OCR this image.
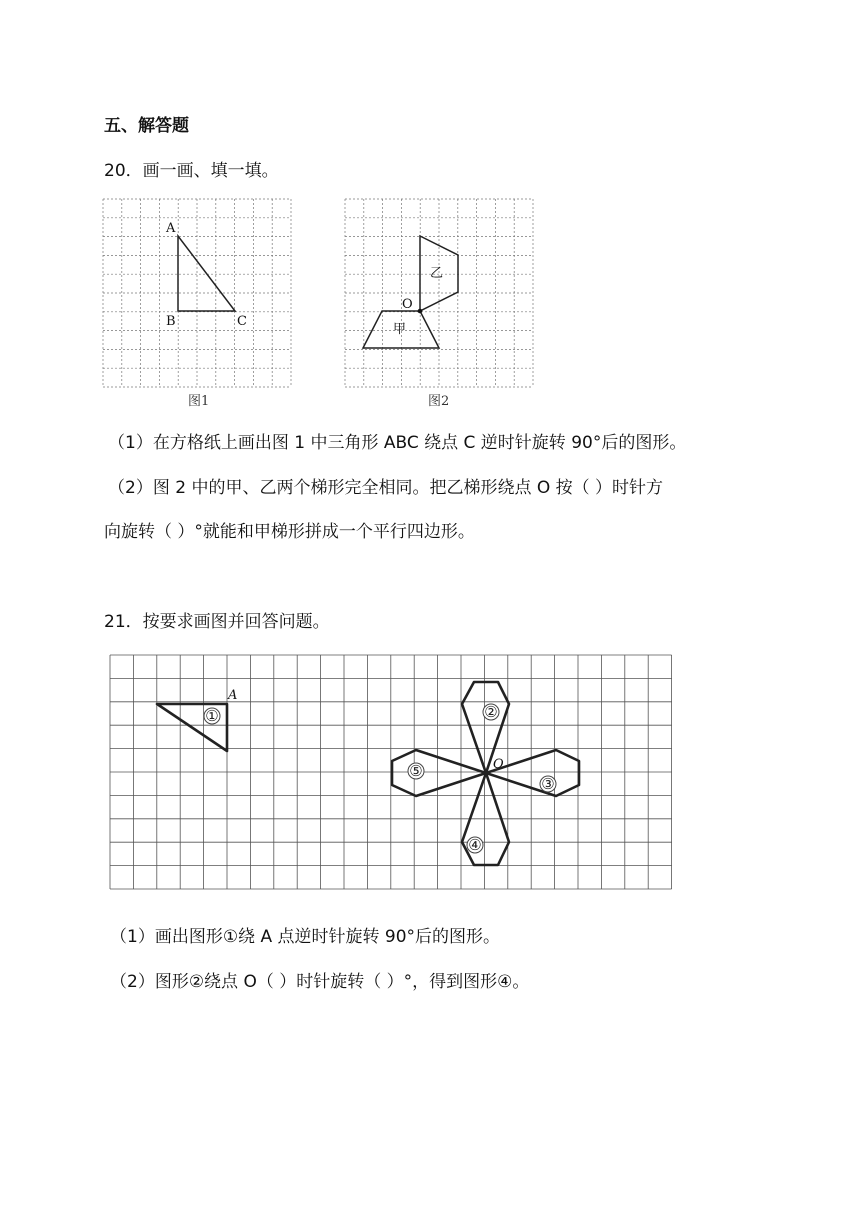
五、解答题
20．画一画、填一填。
A
B	C
图1
O
甲
乙
图2
（1）在方格纸上画出图 1 中三角形 ABC 绕点 C 逆时针旋转 90°后的图形。
（2）图 2 中的甲、乙两个梯形完全相同。把乙梯形绕点 O 按（ ）时针方
向旋转（ ）°就能和甲梯形拼成一个平行四边形。
21．按要求画图并回答问题。
A
O
①	②
③
④
⑤
（1）画出图形①绕 A 点逆时针旋转 90°后的图形。
（2）图形②绕点 O（ ）时针旋转（ ）°，得到图形④。
